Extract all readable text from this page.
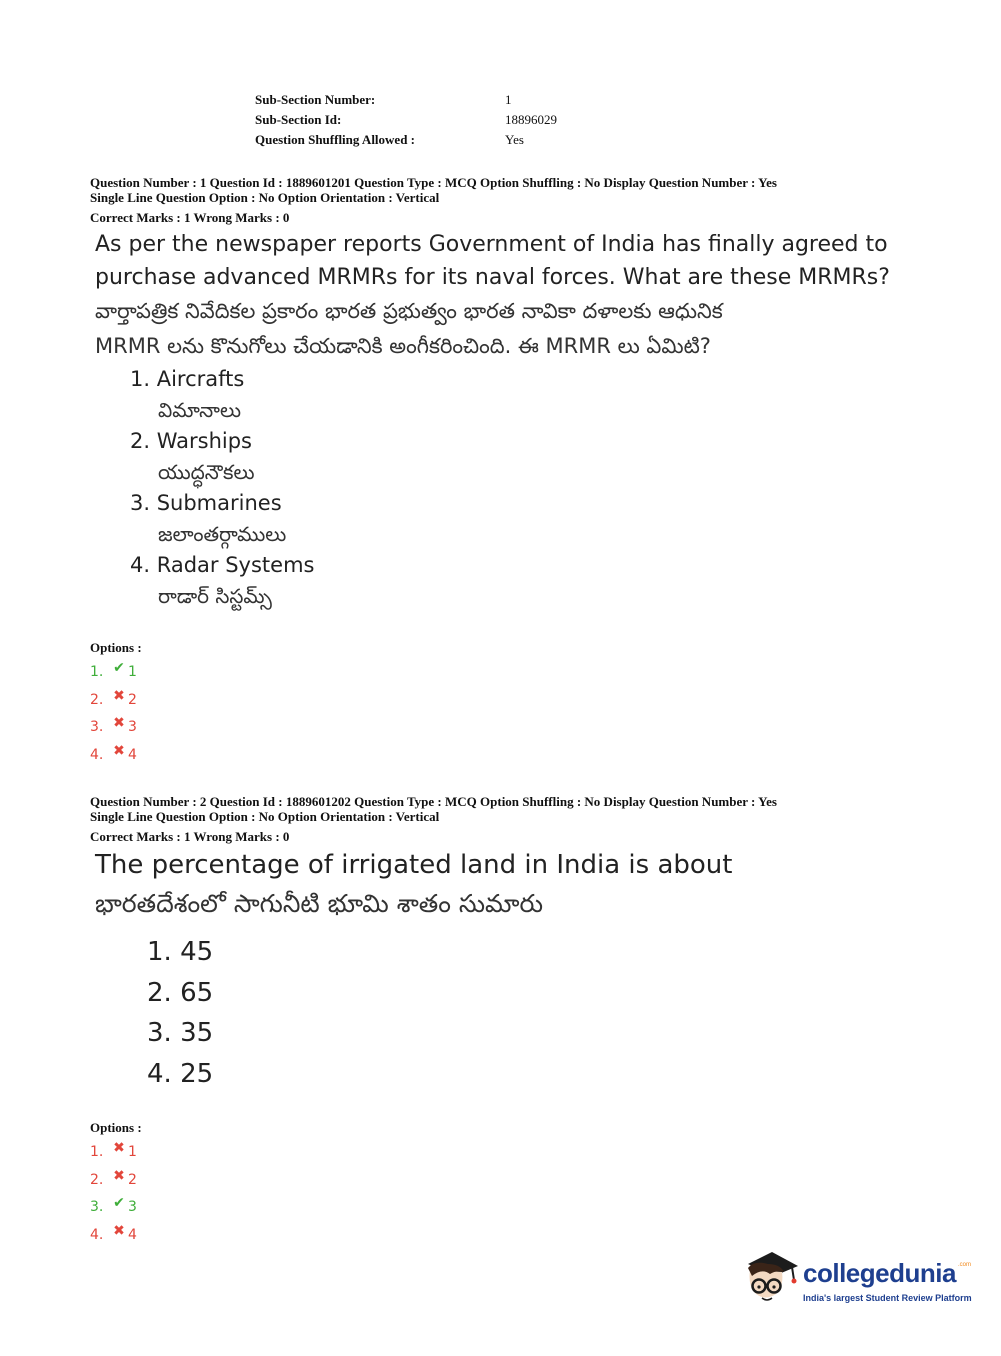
Sub-Section Number:	1
Sub-Section Id:	18896029
Question Shuffling Allowed :	Yes
Question Number : 1 Question Id : 1889601201 Question Type : MCQ Option Shuffling : No Display Question Number : Yes
Single Line Question Option : No Option Orientation : Vertical
Correct Marks : 1 Wrong Marks : 0
As per the newspaper reports Government of India has finally agreed to
purchase advanced MRMRs for its naval forces. What are these MRMRs?
వార్తాపత్రిక నివేదికల ప్రకారం భారత ప్రభుత్వం భారత నావికా దళాలకు ఆధునిక
MRMR లను కొనుగోలు చేయడానికి అంగీకరించింది. ఈ MRMR లు ఏమిటి?
1. Aircrafts
విమానాలు
2. Warships
యుద్ధనౌకలు
3. Submarines
జలాంతర్గాములు
4. Radar Systems
రాడార్ సిస్టమ్స్
Options :
1. ✔ 1
2. ✖ 2
3. ✖ 3
4. ✖ 4
Question Number : 2 Question Id : 1889601202 Question Type : MCQ Option Shuffling : No Display Question Number : Yes
Single Line Question Option : No Option Orientation : Vertical
Correct Marks : 1 Wrong Marks : 0
The percentage of irrigated land in India is about
భారతదేశంలో సాగునీటి భూమి శాతం సుమారు
1. 45
2. 65
3. 35
4. 25
Options :
1. ✖ 1
2. ✖ 2
3. ✔ 3
4. ✖ 4
collegedunia .com
India's largest Student Review Platform
